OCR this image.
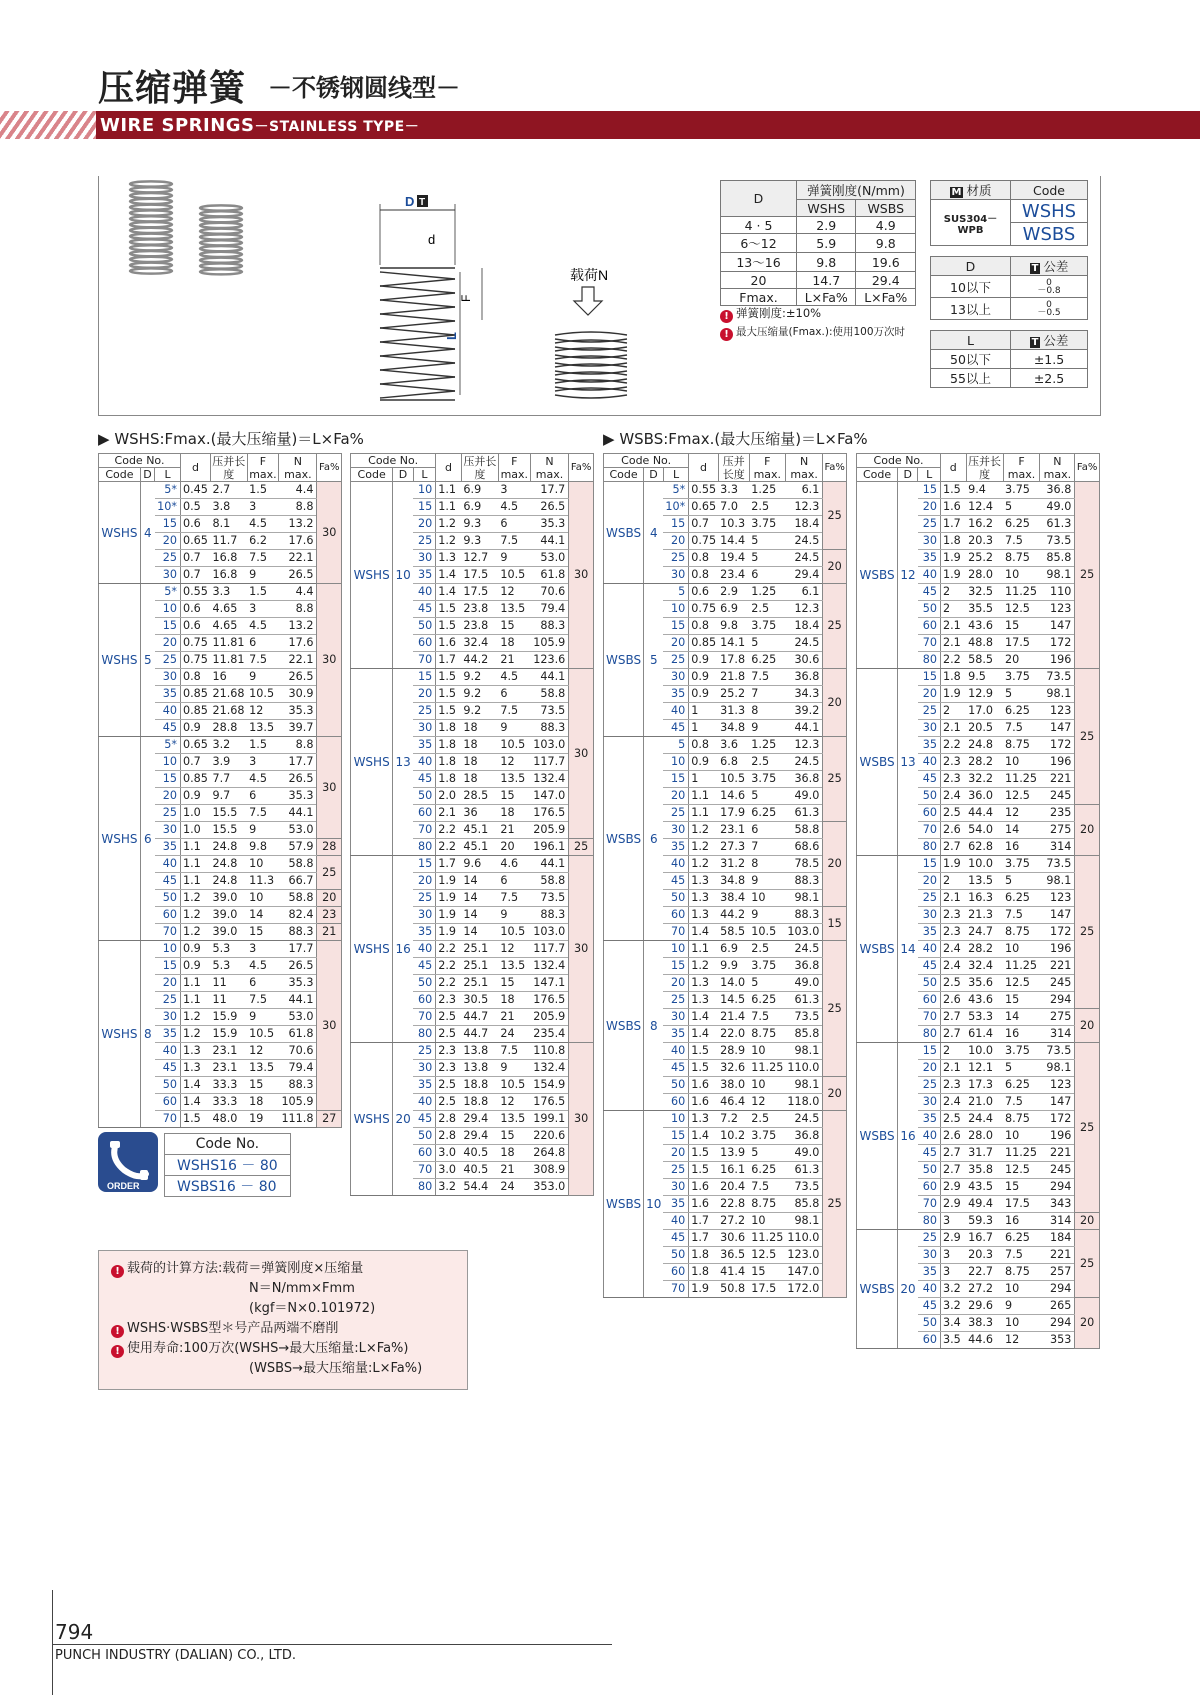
压缩弹簧 －不锈钢圆线型－
WIRE SPRINGS－STAINLESS TYPE－
D T
d
F
L
载荷N
D	弹簧刚度(N/mm)	
	WSHS	WSBS
4 · 5	2.9	4.9
6～12	5.9	9.8
13～16	9.8	19.6
20	14.7	29.4
Fmax.	L×Fa%	L×Fa%
! 弹簧刚度:±10%
! 最大压缩量(Fmax.):使用100万次时
M 材质	Code
SUS304－WPB	WSHS
	WSBS
D	T 公差
10以下	0
－0.8

13以上	0
－0.5
L	T 公差
50以下	±1.5
55以上	±2.5
▶ WSHS:Fmax.(最大压缩量)＝L×Fa%	▶ WSBS:Fmax.(最大压缩量)＝L×Fa%
Code No.			d	压并长度	F max.	N max.	Fa%
Code	D	L					
WSHS	4	5*	0.45	2.7	1.5	4.4	30
		10*	0.5	3.8	3	8.8	
		15	0.6	8.1	4.5	13.2	
		20	0.65	11.7	6.2	17.6	
		25	0.7	16.8	7.5	22.1	
		30	0.7	16.8	9	26.5	
WSHS	5	5*	0.55	3.3	1.5	4.4	30
		10	0.6	4.65	3	8.8	
		15	0.6	4.65	4.5	13.2	
		20	0.75	11.81	6	17.6	
		25	0.75	11.81	7.5	22.1	
		30	0.8	16	9	26.5	
		35	0.85	21.68	10.5	30.9	
		40	0.85	21.68	12	35.3	
		45	0.9	28.8	13.5	39.7	
WSHS	6	5*	0.65	3.2	1.5	8.8	30
		10	0.7	3.9	3	17.7	
		15	0.85	7.7	4.5	26.5	
		20	0.9	9.7	6	35.3	
		25	1.0	15.5	7.5	44.1	
		30	1.0	15.5	9	53.0	
		35	1.1	24.8	9.8	57.9	28
		40	1.1	24.8	10	58.8	25
		45	1.1	24.8	11.3	66.7	
		50	1.2	39.0	10	58.8	20
		60	1.2	39.0	14	82.4	23
		70	1.2	39.0	15	88.3	21
WSHS	8	10	0.9	5.3	3	17.7	30
		15	0.9	5.3	4.5	26.5	
		20	1.1	11	6	35.3	
		25	1.1	11	7.5	44.1	
		30	1.2	15.9	9	53.0	
		35	1.2	15.9	10.5	61.8	
		40	1.3	23.1	12	70.6	
		45	1.3	23.1	13.5	79.4	
		50	1.4	33.3	15	88.3	
		60	1.4	33.3	18	105.9	
		70	1.5	48.0	19	111.8	27
Code No.			d	压并长度	F max.	N max.	Fa%
Code	D	L					
WSHS	10	10	1.1	6.9	3	17.7	30
		15	1.1	6.9	4.5	26.5	
		20	1.2	9.3	6	35.3	
		25	1.2	9.3	7.5	44.1	
		30	1.3	12.7	9	53.0	
		35	1.4	17.5	10.5	61.8	
		40	1.4	17.5	12	70.6	
		45	1.5	23.8	13.5	79.4	
		50	1.5	23.8	15	88.3	
		60	1.6	32.4	18	105.9	
		70	1.7	44.2	21	123.6	
WSHS	13	15	1.5	9.2	4.5	44.1	30
		20	1.5	9.2	6	58.8	
		25	1.5	9.2	7.5	73.5	
		30	1.8	18	9	88.3	
		35	1.8	18	10.5	103.0	
		40	1.8	18	12	117.7	
		45	1.8	18	13.5	132.4	
		50	2.0	28.5	15	147.0	
		60	2.1	36	18	176.5	
		70	2.2	45.1	21	205.9	
		80	2.2	45.1	20	196.1	25
WSHS	16	15	1.7	9.6	4.6	44.1	30
		20	1.9	14	6	58.8	
		25	1.9	14	7.5	73.5	
		30	1.9	14	9	88.3	
		35	1.9	14	10.5	103.0	
		40	2.2	25.1	12	117.7	
		45	2.2	25.1	13.5	132.4	
		50	2.2	25.1	15	147.1	
		60	2.3	30.5	18	176.5	
		70	2.5	44.7	21	205.9	
		80	2.5	44.7	24	235.4	
WSHS	20	25	2.3	13.8	7.5	110.8	30
		30	2.3	13.8	9	132.4	
		35	2.5	18.8	10.5	154.9	
		40	2.5	18.8	12	176.5	
		45	2.8	29.4	13.5	199.1	
		50	2.8	29.4	15	220.6	
		60	3.0	40.5	18	264.8	
		70	3.0	40.5	21	308.9	
		80	3.2	54.4	24	353.0	
Code No.			d	压并长度	F max.	N max.	Fa%
Code	D	L					
WSBS	4	5*	0.55	3.3	1.25	6.1	25
		10*	0.65	7.0	2.5	12.3	
		15	0.7	10.3	3.75	18.4	
		20	0.75	14.4	5	24.5	
		25	0.8	19.4	5	24.5	20
		30	0.8	23.4	6	29.4	
WSBS	5	5	0.6	2.9	1.25	6.1	25
		10	0.75	6.9	2.5	12.3	
		15	0.8	9.8	3.75	18.4	
		20	0.85	14.1	5	24.5	
		25	0.9	17.8	6.25	30.6	
		30	0.9	21.8	7.5	36.8	20
		35	0.9	25.2	7	34.3	
		40	1	31.3	8	39.2	
		45	1	34.8	9	44.1	
WSBS	6	5	0.8	3.6	1.25	12.3	25
		10	0.9	6.8	2.5	24.5	
		15	1	10.5	3.75	36.8	
		20	1.1	14.6	5	49.0	
		25	1.1	17.9	6.25	61.3	
		30	1.2	23.1	6	58.8	20
		35	1.2	27.3	7	68.6	
		40	1.2	31.2	8	78.5	
		45	1.3	34.8	9	88.3	
		50	1.3	38.4	10	98.1	
		60	1.3	44.2	9	88.3	15
		70	1.4	58.5	10.5	103.0	
WSBS	8	10	1.1	6.9	2.5	24.5	25
		15	1.2	9.9	3.75	36.8	
		20	1.3	14.0	5	49.0	
		25	1.3	14.5	6.25	61.3	
		30	1.4	21.4	7.5	73.5	
		35	1.4	22.0	8.75	85.8	
		40	1.5	28.9	10	98.1	
		45	1.5	32.6	11.25	110.0	
		50	1.6	38.0	10	98.1	20
		60	1.6	46.4	12	118.0	
WSBS	10	10	1.3	7.2	2.5	24.5	25
		15	1.4	10.2	3.75	36.8	
		20	1.5	13.9	5	49.0	
		25	1.5	16.1	6.25	61.3	
		30	1.6	20.4	7.5	73.5	
		35	1.6	22.8	8.75	85.8	
		40	1.7	27.2	10	98.1	
		45	1.7	30.6	11.25	110.0	
		50	1.8	36.5	12.5	123.0	
		60	1.8	41.4	15	147.0	
		70	1.9	50.8	17.5	172.0	
Code No.			d	压并长度	F max.	N max.	Fa%
Code	D	L					
WSBS	12	15	1.5	9.4	3.75	36.8	25
		20	1.6	12.4	5	49.0	
		25	1.7	16.2	6.25	61.3	
		30	1.8	20.3	7.5	73.5	
		35	1.9	25.2	8.75	85.8	
		40	1.9	28.0	10	98.1	
		45	2	32.5	11.25	110	
		50	2	35.5	12.5	123	
		60	2.1	43.6	15	147	
		70	2.1	48.8	17.5	172	
		80	2.2	58.5	20	196	
WSBS	13	15	1.8	9.5	3.75	73.5	25
		20	1.9	12.9	5	98.1	
		25	2	17.0	6.25	123	
		30	2.1	20.5	7.5	147	
		35	2.2	24.8	8.75	172	
		40	2.3	28.2	10	196	
		45	2.3	32.2	11.25	221	
		50	2.4	36.0	12.5	245	
		60	2.5	44.4	12	235	20
		70	2.6	54.0	14	275	
		80	2.7	62.8	16	314	
WSBS	14	15	1.9	10.0	3.75	73.5	25
		20	2	13.5	5	98.1	
		25	2.1	16.3	6.25	123	
		30	2.3	21.3	7.5	147	
		35	2.3	24.7	8.75	172	
		40	2.4	28.2	10	196	
		45	2.4	32.4	11.25	221	
		50	2.5	35.6	12.5	245	
		60	2.6	43.6	15	294	
		70	2.7	53.3	14	275	20
		80	2.7	61.4	16	314	
WSBS	16	15	2	10.0	3.75	73.5	25
		20	2.1	12.1	5	98.1	
		25	2.3	17.3	6.25	123	
		30	2.4	21.0	7.5	147	
		35	2.5	24.4	8.75	172	
		40	2.6	28.0	10	196	
		45	2.7	31.7	11.25	221	
		50	2.7	35.8	12.5	245	
		60	2.9	43.5	15	294	
		70	2.9	49.4	17.5	343	
		80	3	59.3	16	314	20
WSBS	20	25	2.9	16.7	6.25	184	25
		30	3	20.3	7.5	221	
		35	3	22.7	8.75	257	
		40	3.2	27.2	10	294	
		45	3.2	29.6	9	265	20
		50	3.4	38.3	10	294	
		60	3.5	44.6	12	353	
ORDER
Code No.
WSHS16 － 80
WSBS16 － 80
! 载荷的计算方法:载荷＝弹簧刚度×压缩量
N＝N/mm×Fmm
(kgf＝N×0.101972)
! WSHS·WSBS型＊号产品两端不磨削
! 使用寿命:100万次(WSHS→最大压缩量:L×Fa%)
(WSBS→最大压缩量:L×Fa%)
794
PUNCH INDUSTRY (DALIAN) CO., LTD.
